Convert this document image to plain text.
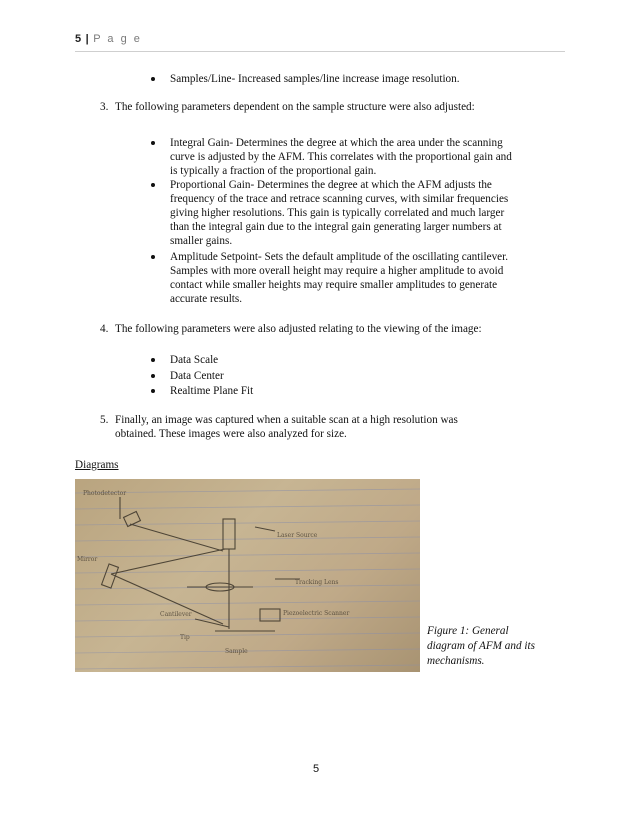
5 | P a g e
Samples/Line- Increased samples/line increase image resolution.
3. The following parameters dependent on the sample structure were also adjusted:
Integral Gain- Determines the degree at which the area under the scanning
curve is adjusted by the AFM. This correlates with the proportional gain and
is typically a fraction of the proportional gain.
Proportional Gain- Determines the degree at which the AFM adjusts the
frequency of the trace and retrace scanning curves, with similar frequencies
giving higher resolutions. This gain is typically correlated and much larger
than the integral gain due to the integral gain generating larger numbers at
smaller gains.
Amplitude Setpoint- Sets the default amplitude of the oscillating cantilever.
Samples with more overall height may require a higher amplitude to avoid
contact while smaller heights may require smaller amplitudes to generate
accurate results.
4. The following parameters were also adjusted relating to the viewing of the image:
Data Scale
Data Center
Realtime Plane Fit
5. Finally, an image was captured when a suitable scan at a high resolution was
obtained. These images were also analyzed for size.
Diagrams
Photodetector
Laser Source
Mirror
Tracking Lens
Cantilever	Piezoelectric Scanner
Tip
Sample
Figure 1: General
diagram of AFM and its
mechanisms.
5
